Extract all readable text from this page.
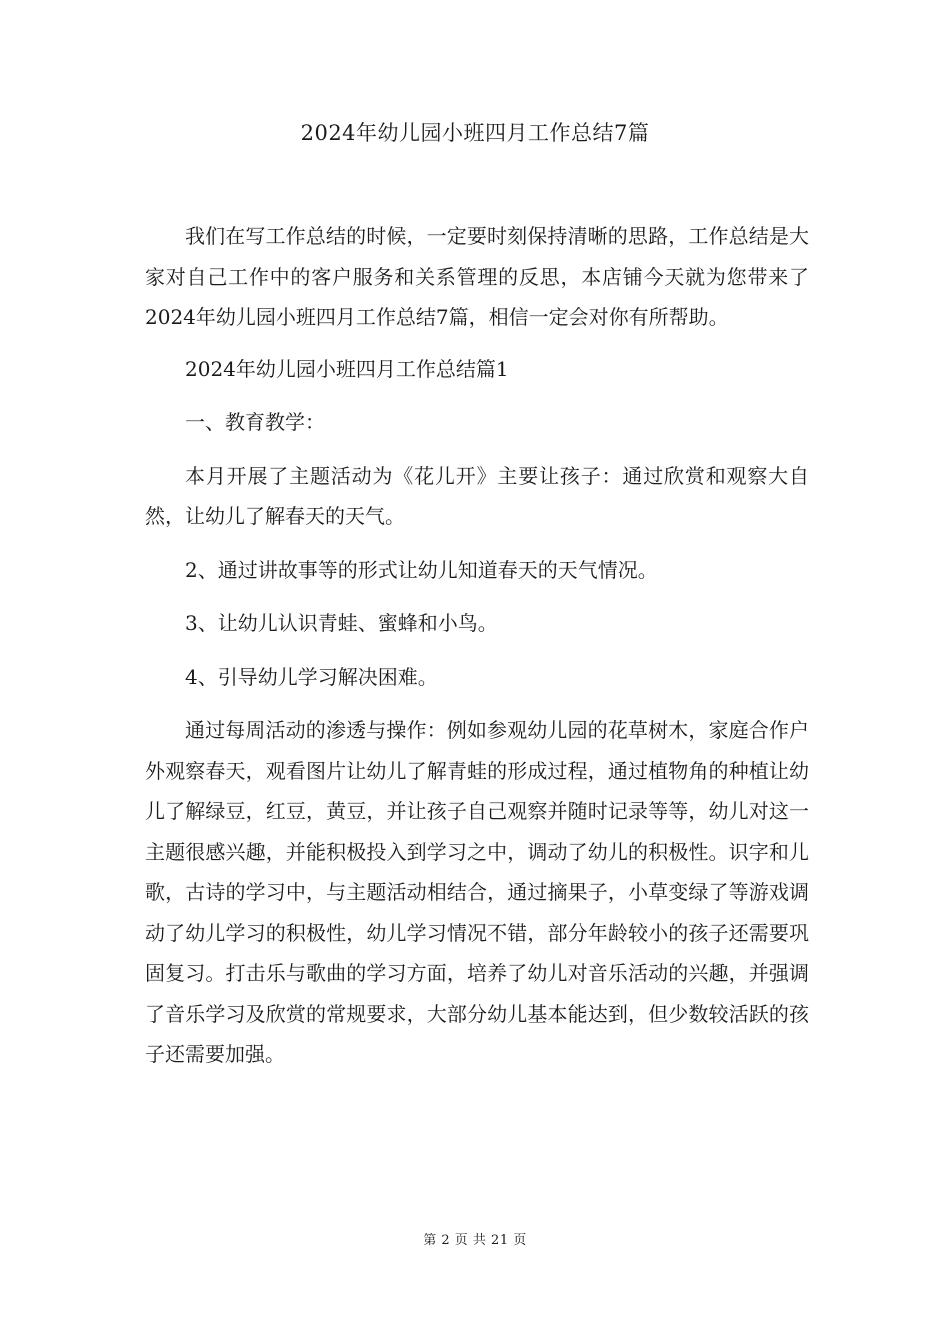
2024年幼儿园小班四月工作总结7篇

我们在写工作总结的时候，一定要时刻保持清晰的思路，工作总结是大家对自己工作中的客户服务和关系管理的反思，本店铺今天就为您带来了2024年幼儿园小班四月工作总结7篇，相信一定会对你有所帮助。

2024年幼儿园小班四月工作总结篇1

一、教育教学：

本月开展了主题活动为《花儿开》主要让孩子：通过欣赏和观察大自然，让幼儿了解春天的天气。

2、通过讲故事等的形式让幼儿知道春天的天气情况。

3、让幼儿认识青蛙、蜜蜂和小鸟。

4、引导幼儿学习解决困难。

通过每周活动的渗透与操作：例如参观幼儿园的花草树木，家庭合作户外观察春天，观看图片让幼儿了解青蛙的形成过程，通过植物角的种植让幼儿了解绿豆，红豆，黄豆，并让孩子自己观察并随时记录等等，幼儿对这一主题很感兴趣，并能积极投入到学习之中，调动了幼儿的积极性。识字和儿歌，古诗的学习中，与主题活动相结合，通过摘果子，小草变绿了等游戏调动了幼儿学习的积极性，幼儿学习情况不错，部分年龄较小的孩子还需要巩固复习。打击乐与歌曲的学习方面，培养了幼儿对音乐活动的兴趣，并强调了音乐学习及欣赏的常规要求，大部分幼儿基本能达到，但少数较活跃的孩子还需要加强。

第 2 页 共 21 页
